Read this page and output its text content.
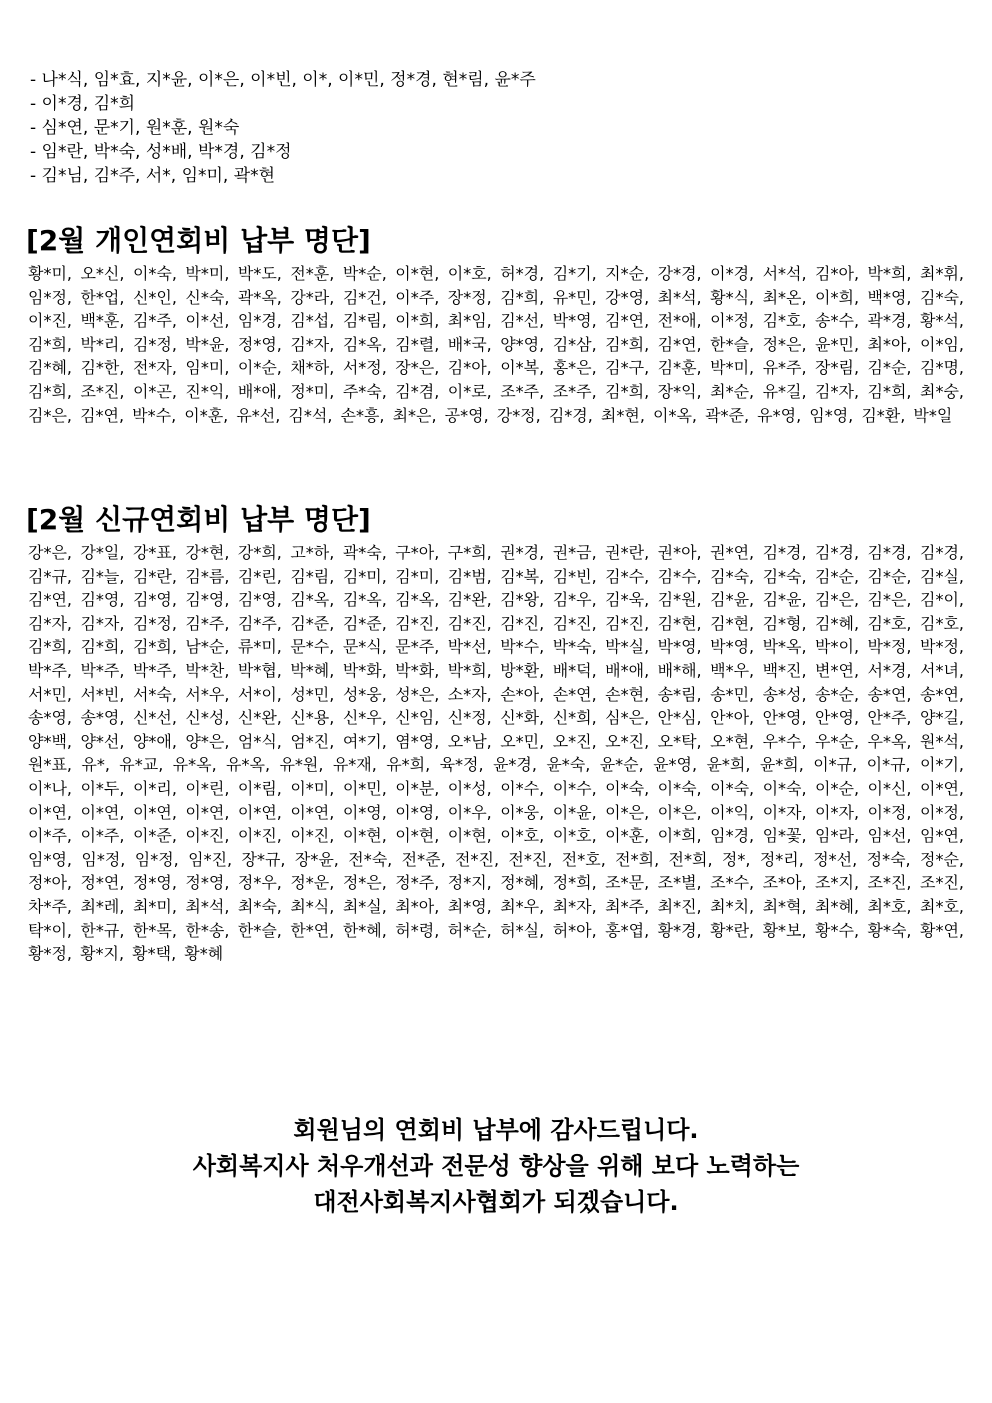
- 나*식, 임*효, 지*윤, 이*은, 이*빈, 이*, 이*민, 정*경, 현*림, 윤*주
- 이*경, 김*희
- 심*연, 문*기, 원*훈, 원*숙
- 임*란, 박*숙, 성*배, 박*경, 김*정
- 김*님, 김*주, 서*, 임*미, 곽*현
[2월 개인연회비 납부 명단]
황*미, 오*신, 이*숙, 박*미, 박*도, 전*훈, 박*순, 이*현, 이*호, 허*경, 김*기, 지*순, 강*경, 이*경, 서*석, 김*아, 박*희, 최*휘, 임*정, 한*업, 신*인, 신*숙, 곽*옥, 강*라, 김*건, 이*주, 장*정, 김*희, 유*민, 강*영, 최*석, 황*식, 최*온, 이*희, 백*영, 김*숙, 이*진, 백*훈, 김*주, 이*선, 임*경, 김*섭, 김*림, 이*희, 최*임, 김*선, 박*영, 김*연, 전*애, 이*정, 김*호, 송*수, 곽*경, 황*석, 김*희, 박*리, 김*정, 박*윤, 정*영, 김*자, 김*옥, 김*렬, 배*국, 양*영, 김*삼, 김*희, 김*연, 한*슬, 정*은, 윤*민, 최*아, 이*임, 김*혜, 김*한, 전*자, 임*미, 이*순, 채*하, 서*정, 장*은, 김*아, 이*복, 홍*은, 김*구, 김*훈, 박*미, 유*주, 장*림, 김*순, 김*명, 김*희, 조*진, 이*곤, 진*익, 배*애, 정*미, 주*숙, 김*겸, 이*로, 조*주, 조*주, 김*희, 장*익, 최*순, 유*길, 김*자, 김*희, 최*숭, 김*은, 김*연, 박*수, 이*훈, 유*선, 김*석, 손*흥, 최*은, 공*영, 강*정, 김*경, 최*현, 이*옥, 곽*준, 유*영, 임*영, 김*환, 박*일
[2월 신규연회비 납부 명단]
강*은, 강*일, 강*표, 강*현, 강*희, 고*하, 곽*숙, 구*아, 구*희, 권*경, 권*금, 권*란, 권*아, 권*연, 김*경, 김*경, 김*경, 김*경, 김*규, 김*늘, 김*란, 김*름, 김*린, 김*림, 김*미, 김*미, 김*범, 김*복, 김*빈, 김*수, 김*수, 김*숙, 김*숙, 김*순, 김*순, 김*실, 김*연, 김*영, 김*영, 김*영, 김*영, 김*옥, 김*옥, 김*옥, 김*완, 김*왕, 김*우, 김*욱, 김*원, 김*윤, 김*윤, 김*은, 김*은, 김*이, 김*자, 김*자, 김*정, 김*주, 김*주, 김*준, 김*준, 김*진, 김*진, 김*진, 김*진, 김*진, 김*현, 김*현, 김*형, 김*혜, 김*호, 김*호, 김*희, 김*희, 김*희, 남*순, 류*미, 문*수, 문*식, 문*주, 박*선, 박*수, 박*숙, 박*실, 박*영, 박*영, 박*옥, 박*이, 박*정, 박*정, 박*주, 박*주, 박*주, 박*찬, 박*협, 박*혜, 박*화, 박*화, 박*희, 방*환, 배*덕, 배*애, 배*해, 백*우, 백*진, 변*연, 서*경, 서*녀, 서*민, 서*빈, 서*숙, 서*우, 서*이, 성*민, 성*웅, 성*은, 소*자, 손*아, 손*연, 손*현, 송*림, 송*민, 송*성, 송*순, 송*연, 송*연, 송*영, 송*영, 신*선, 신*성, 신*완, 신*용, 신*우, 신*임, 신*정, 신*화, 신*희, 심*은, 안*심, 안*아, 안*영, 안*영, 안*주, 양*길, 양*백, 양*선, 양*애, 양*은, 엄*식, 엄*진, 여*기, 염*영, 오*남, 오*민, 오*진, 오*진, 오*탁, 오*현, 우*수, 우*순, 우*옥, 원*석, 원*표, 유*, 유*교, 유*옥, 유*옥, 유*원, 유*재, 유*희, 육*정, 윤*경, 윤*숙, 윤*순, 윤*영, 윤*희, 윤*희, 이*규, 이*규, 이*기, 이*나, 이*두, 이*리, 이*린, 이*림, 이*미, 이*민, 이*분, 이*성, 이*수, 이*수, 이*숙, 이*숙, 이*숙, 이*숙, 이*순, 이*신, 이*연, 이*연, 이*연, 이*연, 이*연, 이*연, 이*연, 이*영, 이*영, 이*우, 이*웅, 이*윤, 이*은, 이*은, 이*익, 이*자, 이*자, 이*정, 이*정, 이*주, 이*주, 이*준, 이*진, 이*진, 이*진, 이*현, 이*현, 이*현, 이*호, 이*호, 이*훈, 이*희, 임*경, 임*꽃, 임*라, 임*선, 임*연, 임*영, 임*정, 임*정, 임*진, 장*규, 장*윤, 전*숙, 전*준, 전*진, 전*진, 전*호, 전*희, 전*희, 정*, 정*리, 정*선, 정*숙, 정*순, 정*아, 정*연, 정*영, 정*영, 정*우, 정*운, 정*은, 정*주, 정*지, 정*혜, 정*희, 조*문, 조*별, 조*수, 조*아, 조*지, 조*진, 조*진, 차*주, 최*레, 최*미, 최*석, 최*숙, 최*식, 최*실, 최*아, 최*영, 최*우, 최*자, 최*주, 최*진, 최*치, 최*혁, 최*혜, 최*호, 최*호, 탁*이, 한*규, 한*목, 한*송, 한*슬, 한*연, 한*혜, 허*령, 허*순, 허*실, 허*아, 홍*엽, 황*경, 황*란, 황*보, 황*수, 황*숙, 황*연, 황*정, 황*지, 황*택, 황*혜
회원님의 연회비 납부에 감사드립니다.
사회복지사 처우개선과 전문성 향상을 위해 보다 노력하는
대전사회복지사협회가 되겠습니다.
